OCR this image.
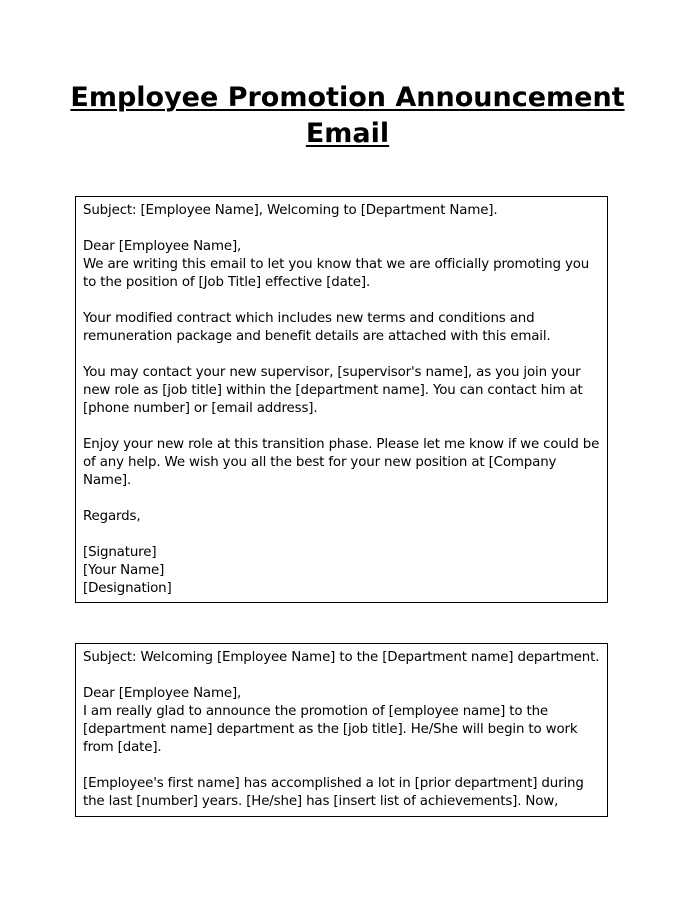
Employee Promotion Announcement
Email
Subject: [Employee Name], Welcoming to [Department Name].
Dear [Employee Name],
We are writing this email to let you know that we are officially promoting you
to the position of [Job Title] effective [date].
Your modified contract which includes new terms and conditions and
remuneration package and benefit details are attached with this email.
You may contact your new supervisor, [supervisor's name], as you join your
new role as [job title] within the [department name]. You can contact him at
[phone number] or [email address].
Enjoy your new role at this transition phase. Please let me know if we could be
of any help. We wish you all the best for your new position at [Company
Name].
Regards,
[Signature]
[Your Name]
[Designation]
Subject: Welcoming [Employee Name] to the [Department name] department.
Dear [Employee Name],
I am really glad to announce the promotion of [employee name] to the
[department name] department as the [job title]. He/She will begin to work
from [date].
[Employee's first name] has accomplished a lot in [prior department] during
the last [number] years. [He/she] has [insert list of achievements]. Now,
